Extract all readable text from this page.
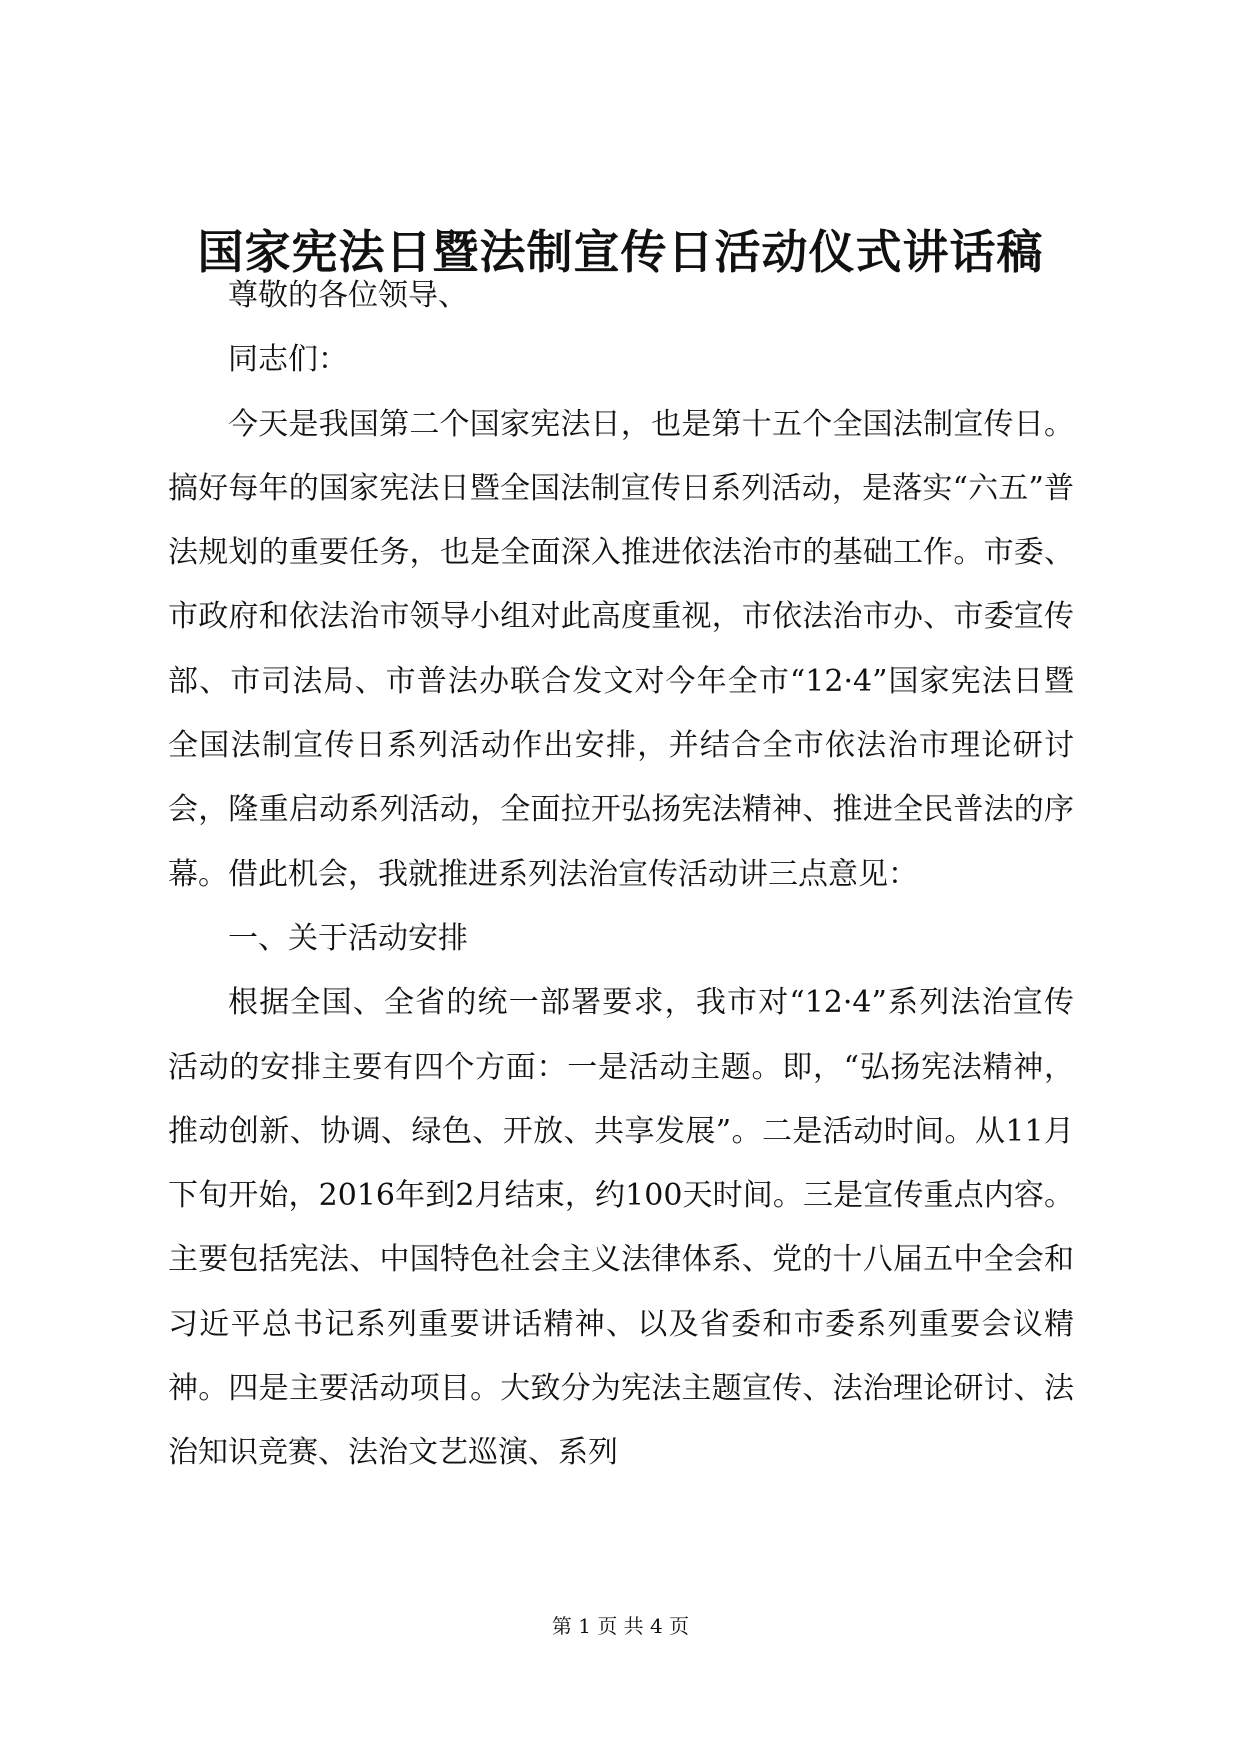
国家宪法日暨法制宣传日活动仪式讲话稿

尊敬的各位领导、

同志们：

今天是我国第二个国家宪法日，也是第十五个全国法制宣传日。搞好每年的国家宪法日暨全国法制宣传日系列活动，是落实“六五”普法规划的重要任务，也是全面深入推进依法治市的基础工作。市委、市政府和依法治市领导小组对此高度重视，市依法治市办、市委宣传部、市司法局、市普法办联合发文对今年全市“12·4”国家宪法日暨全国法制宣传日系列活动作出安排，并结合全市依法治市理论研讨会，隆重启动系列活动，全面拉开弘扬宪法精神、推进全民普法的序幕。借此机会，我就推进系列法治宣传活动讲三点意见：

一、关于活动安排

根据全国、全省的统一部署要求，我市对“12·4”系列法治宣传活动的安排主要有四个方面：一是活动主题。即，“弘扬宪法精神，推动创新、协调、绿色、开放、共享发展”。二是活动时间。从11月下旬开始，2016年到2月结束，约100天时间。三是宣传重点内容。主要包括宪法、中国特色社会主义法律体系、党的十八届五中全会和习近平总书记系列重要讲话精神、以及省委和市委系列重要会议精神。四是主要活动项目。大致分为宪法主题宣传、法治理论研讨、法治知识竞赛、法治文艺巡演、系列

第 1 页 共 4 页
